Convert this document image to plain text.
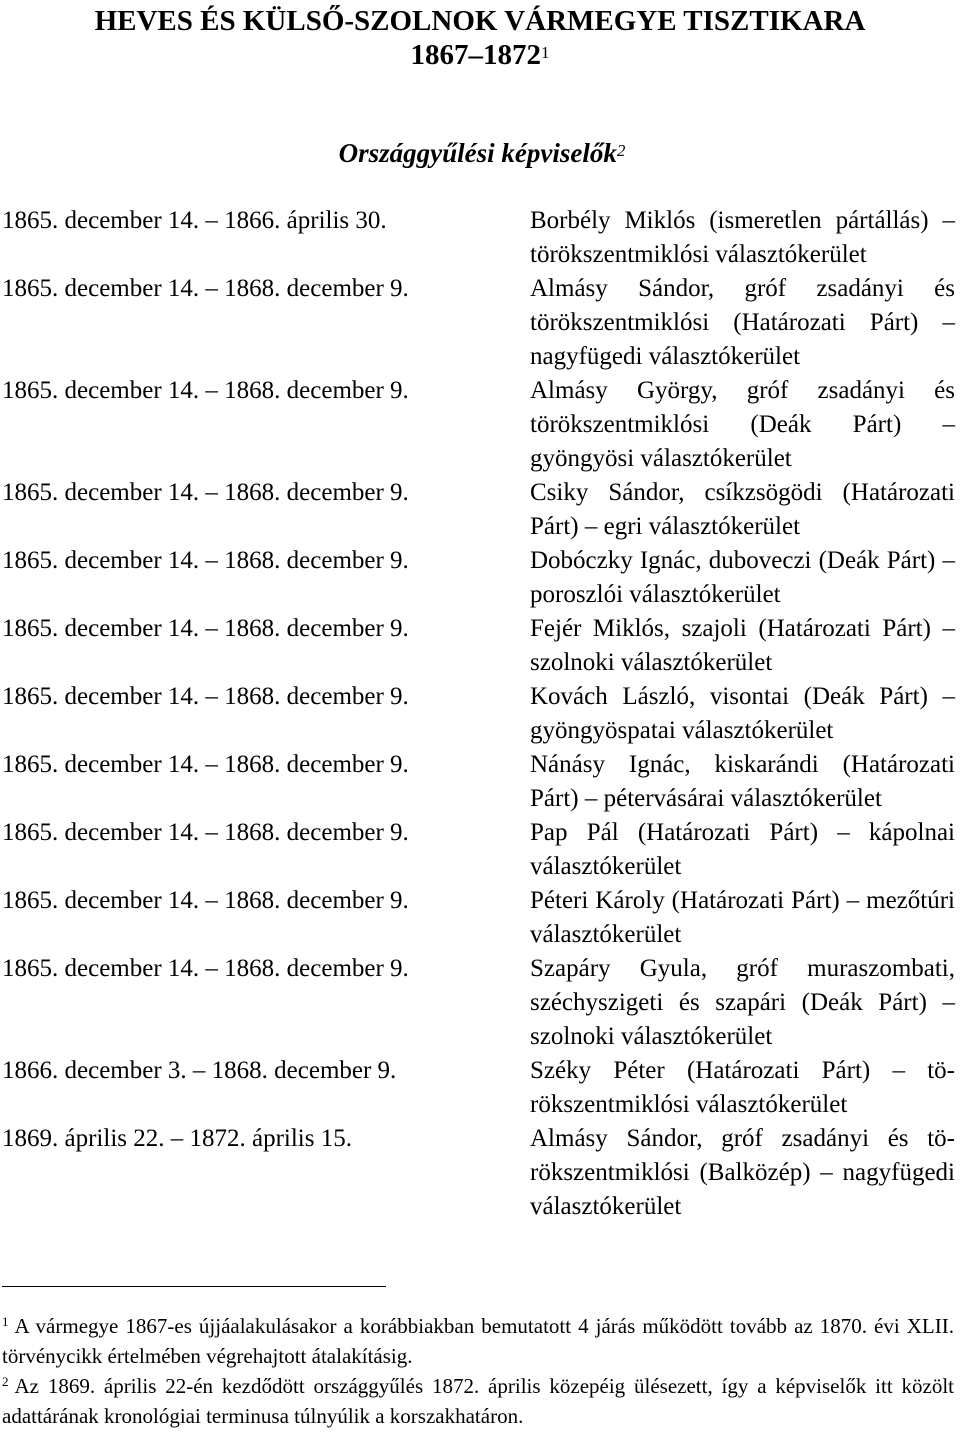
HEVES ÉS KÜLSŐ-SZOLNOK VÁRMEGYE TISZTIKARA
1867–1872$^1$
Országgyűlési képviselők$^2$
1865. december 14. – 1866. április 30.	Borbély Miklós (ismeretlen pártállás) – törökszentmiklósi választókerület
1865. december 14. – 1868. december 9.	Almásy Sándor, gróf zsadányi és törökszentmiklósi (Határozati Párt) – nagyfügedi választókerület
1865. december 14. – 1868. december 9.	Almásy György, gróf zsadányi és törökszentmiklósi (Deák Párt) – gyöngyösi választókerület
1865. december 14. – 1868. december 9.	Csiky Sándor, csíkzsögödi (Határozati Párt) – egri választókerület
1865. december 14. – 1868. december 9.	Dobóczky Ignác, duboveczi (Deák Párt) – poroszlói választókerület
1865. december 14. – 1868. december 9.	Fejér Miklós, szajoli (Határozati Párt) – szolnoki választókerület
1865. december 14. – 1868. december 9.	Kovách László, visontai (Deák Párt) – gyöngyöspatai választókerület
1865. december 14. – 1868. december 9.	Nánásy Ignác, kiskarándi (Határozati Párt) – pétervásárai választókerület
1865. december 14. – 1868. december 9.	Pap Pál (Határozati Párt) – kápolnai választókerület
1865. december 14. – 1868. december 9.	Péteri Károly (Határozati Párt) – mezőtúri választókerület
1865. december 14. – 1868. december 9.	Szapáry Gyula, gróf muraszombati, széchyszigeti és szapári (Deák Párt) – szolnoki választókerület
1866. december 3. – 1868. december 9.	Széky Péter (Határozati Párt) – törökszentmiklósi választókerület
1869. április 22. – 1872. április 15.	Almásy Sándor, gróf zsadányi és törökszentmiklósi (Balközép) – nagyfügedi választókerület

$^1$ A vármegye 1867-es újjáalakulásakor a korábbiakban bemutatott 4 járás működött tovább az 1870. évi XLII. törvénycikk értelmében végrehajtott átalakításig.

$^2$ Az 1869. április 22-én kezdődött országgyűlés 1872. április közepéig ülésezett, így a képviselők itt közölt adattárának kronológiai terminusa túlnyúlik a korszakhatáron.
